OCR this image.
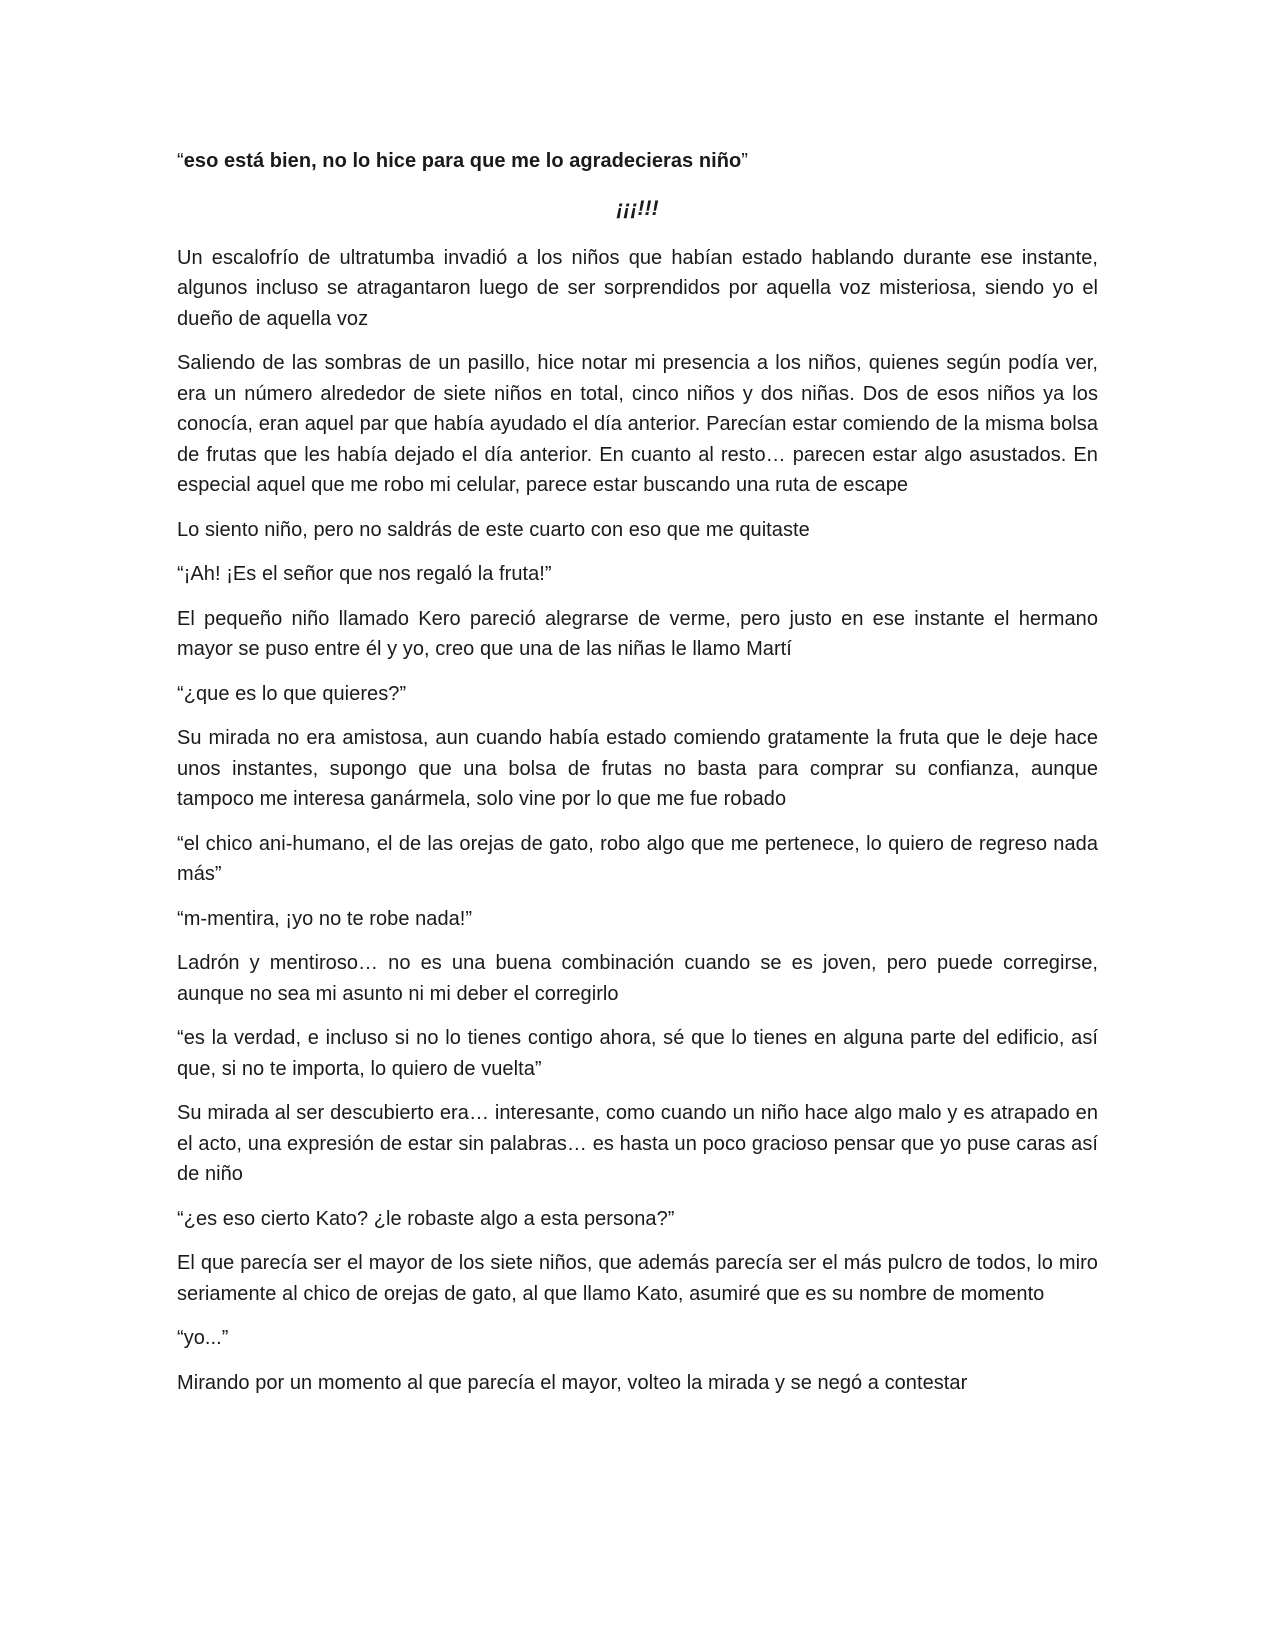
“eso está bien, no lo hice para que me lo agradecieras niño”

¡¡¡!!!

Un escalofrío de ultratumba invadió a los niños que habían estado hablando durante ese instante, algunos incluso se atragantaron luego de ser sorprendidos por aquella voz misteriosa, siendo yo el dueño de aquella voz

Saliendo de las sombras de un pasillo, hice notar mi presencia a los niños, quienes según podía ver, era un número alrededor de siete niños en total, cinco niños y dos niñas. Dos de esos niños ya los conocía, eran aquel par que había ayudado el día anterior. Parecían estar comiendo de la misma bolsa de frutas que les había dejado el día anterior. En cuanto al resto… parecen estar algo asustados. En especial aquel que me robo mi celular, parece estar buscando una ruta de escape

Lo siento niño, pero no saldrás de este cuarto con eso que me quitaste

“¡Ah! ¡Es el señor que nos regaló la fruta!”

El pequeño niño llamado Kero pareció alegrarse de verme, pero justo en ese instante el hermano mayor se puso entre él y yo, creo que una de las niñas le llamo Martí

“¿que es lo que quieres?”

Su mirada no era amistosa, aun cuando había estado comiendo gratamente la fruta que le deje hace unos instantes, supongo que una bolsa de frutas no basta para comprar su confianza, aunque tampoco me interesa ganármela, solo vine por lo que me fue robado

“el chico ani-humano, el de las orejas de gato, robo algo que me pertenece, lo quiero de regreso nada más”

“m-mentira, ¡yo no te robe nada!”

Ladrón y mentiroso… no es una buena combinación cuando se es joven, pero puede corregirse, aunque no sea mi asunto ni mi deber el corregirlo

“es la verdad, e incluso si no lo tienes contigo ahora, sé que lo tienes en alguna parte del edificio, así que, si no te importa, lo quiero de vuelta”

Su mirada al ser descubierto era… interesante, como cuando un niño hace algo malo y es atrapado en el acto, una expresión de estar sin palabras… es hasta un poco gracioso pensar que yo puse caras así de niño

“¿es eso cierto Kato? ¿le robaste algo a esta persona?”

El que parecía ser el mayor de los siete niños, que además parecía ser el más pulcro de todos, lo miro seriamente al chico de orejas de gato, al que llamo Kato, asumiré que es su nombre de momento

“yo...”

Mirando por un momento al que parecía el mayor, volteo la mirada y se negó a contestar
